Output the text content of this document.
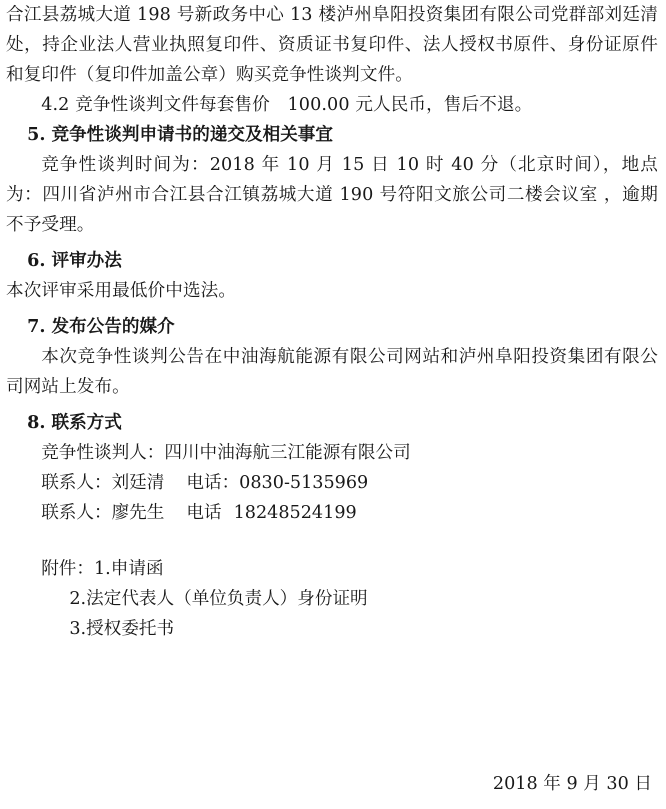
合江县荔城大道 198 号新政务中心 13 楼泸州阜阳投资集团有限公司党群部刘廷清处，持企业法人营业执照复印件、资质证书复印件、法人授权书原件、身份证原件和复印件（复印件加盖公章）购买竞争性谈判文件。

4.2 竞争性谈判文件每套售价　100.00 元人民币，售后不退。

5. 竞争性谈判申请书的递交及相关事宜

竞争性谈判时间为：2018 年 10 月 15 日 10 时 40 分（北京时间），地点为：四川省泸州市合江县合江镇荔城大道 190 号符阳文旅公司二楼会议室 ，逾期不予受理。

6. 评审办法

本次评审采用最低价中选法。

7. 发布公告的媒介

本次竞争性谈判公告在中油海航能源有限公司网站和泸州阜阳投资集团有限公司网站上发布。

8. 联系方式

竞争性谈判人：四川中油海航三江能源有限公司

联系人：刘廷清 电话：0830-5135969

联系人：廖先生 电话 18248524199

附件：1.申请函

2.法定代表人（单位负责人）身份证明

3.授权委托书

2018 年 9 月 30 日
